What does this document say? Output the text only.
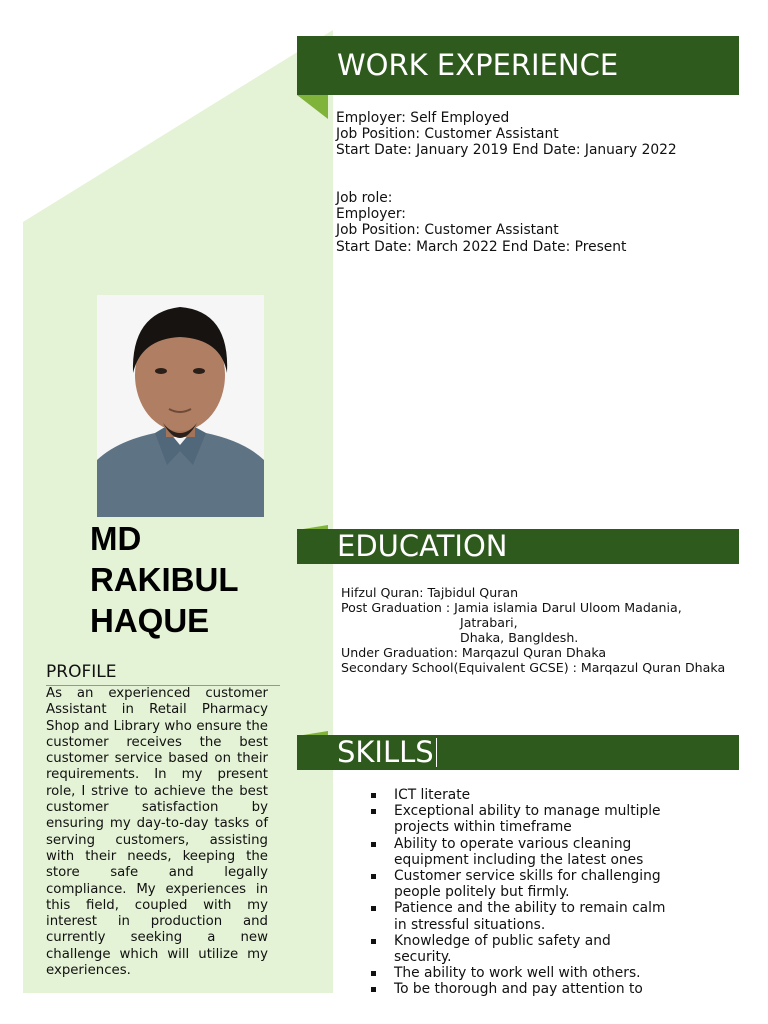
MD
RAKIBUL
HAQUE
PROFILE
As an experienced customer Assistant in Retail Pharmacy Shop and Library who ensure the customer receives the best customer service based on their requirements. In my present role, I strive to achieve the best customer satisfaction by ensuring my day-to-day tasks of serving customers, assisting with their needs, keeping the store safe and legally compliance. My experiences in this field, coupled with my interest in production and currently seeking a new challenge which will utilize my experiences.
WORK EXPERIENCE
Employer: Self Employed
Job Position: Customer Assistant
Start Date: January 2019 End Date: January 2022
Job role:
Employer:
Job Position: Customer Assistant
Start Date: March 2022 End Date: Present
EDUCATION
Hifzul Quran: Tajbidul Quran
Post Graduation : Jamia islamia Darul Uloom Madania,
Jatrabari,
Dhaka, Bangldesh.
Under Graduation: Marqazul Quran Dhaka
Secondary School(Equivalent GCSE) : Marqazul Quran Dhaka
SKILLS
ICT literate
Exceptional ability to manage multiple projects within timeframe
Ability to operate various cleaning equipment including the latest ones
Customer service skills for challenging people politely but firmly.
Patience and the ability to remain calm in stressful situations.
Knowledge of public safety and security.
The ability to work well with others.
To be thorough and pay attention to
